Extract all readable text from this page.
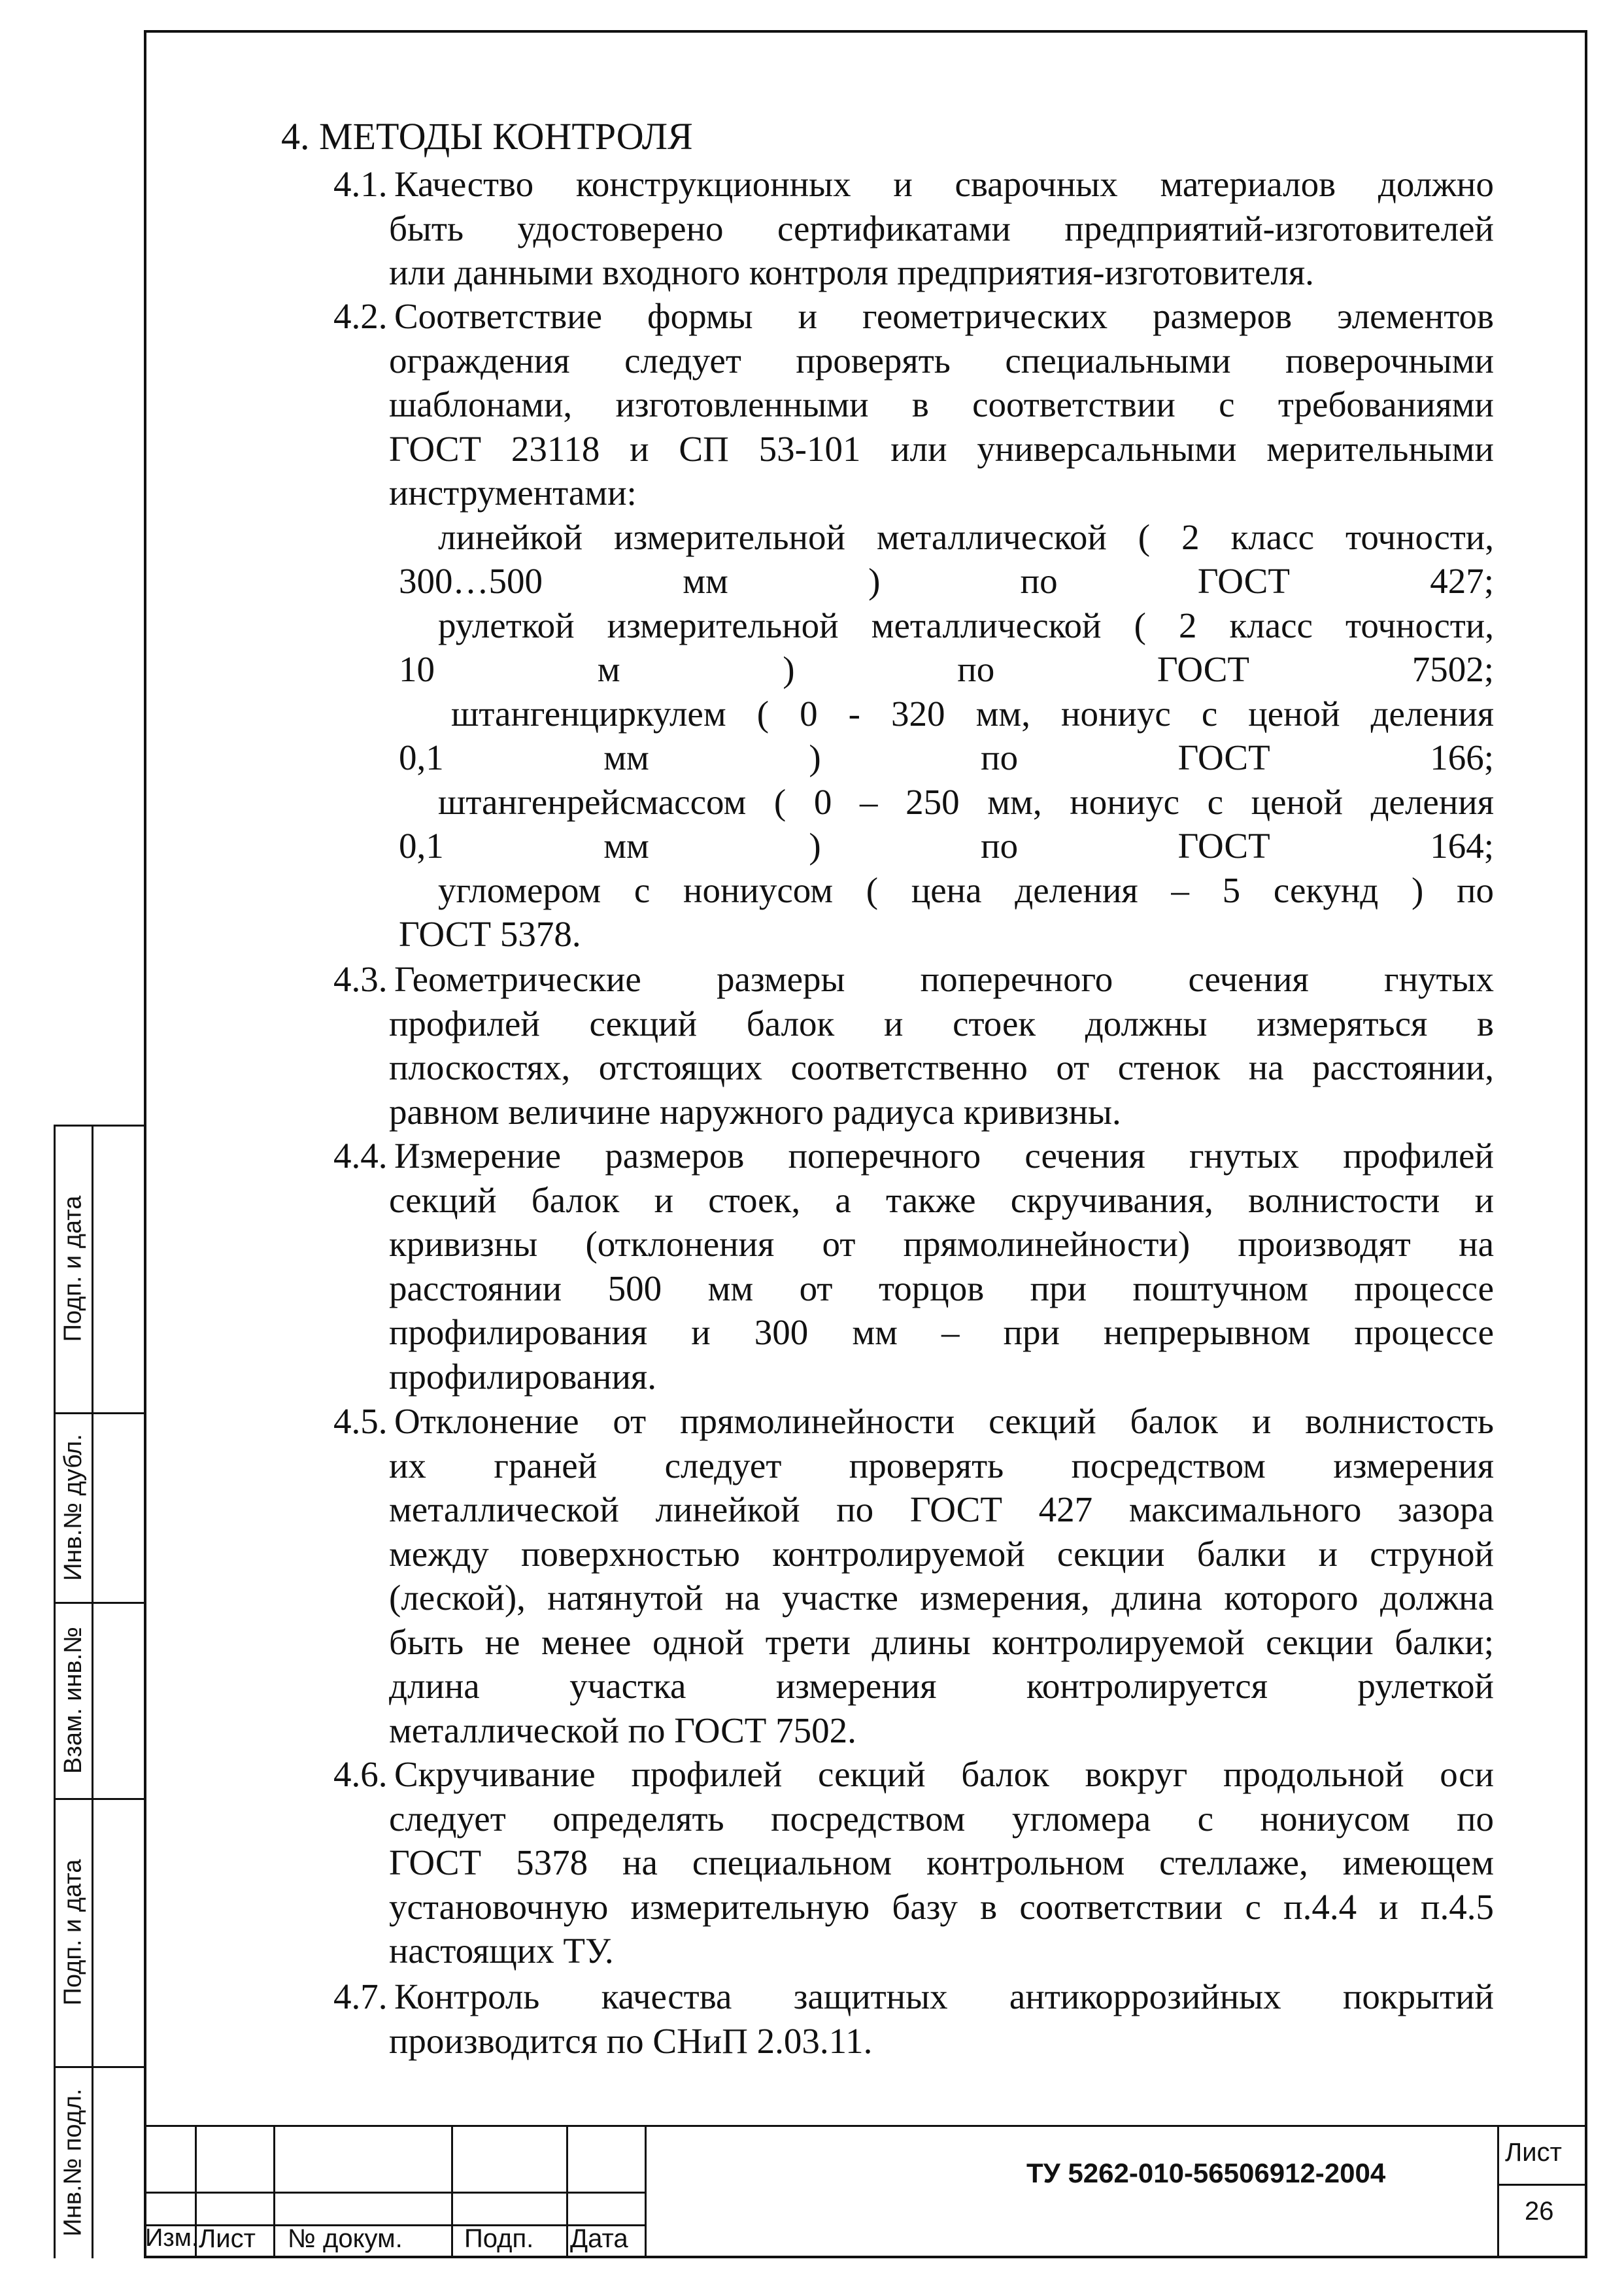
Подп. и дата
Инв.№ дубл.
Взам. инв.№
Подп. и дата
Инв.№ подл.
4. МЕТОДЫ КОНТРОЛЯ
4.1. Качество конструкционных и сварочных материалов должно
быть удостоверено сертификатами предприятий-изготовителей
или данными входного контроля предприятия-изготовителя.
4.2. Соответствие формы и геометрических размеров элементов
ограждения следует проверять специальными поверочными
шаблонами, изготовленными в соответствии с требованиями
ГОСТ 23118 и СП 53-101 или универсальными мерительными
инструментами:
линейкой измерительной металлической ( 2 класс точности,
300…500 мм ) по ГОСТ 427;
рулеткой измерительной металлической ( 2 класс точности,
10 м ) по ГОСТ 7502;
штангенциркулем ( 0 - 320 мм, нониус с ценой деления
0,1 мм ) по ГОСТ 166;
штангенрейсмассом ( 0 – 250 мм, нониус с ценой деления
0,1 мм ) по ГОСТ 164;
угломером с нониусом ( цена деления – 5 секунд ) по
ГОСТ 5378.
4.3. Геометрические размеры поперечного сечения гнутых
профилей секций балок и стоек должны измеряться в
плоскостях, отстоящих соответственно от стенок на расстоянии,
равном величине наружного радиуса кривизны.
4.4. Измерение размеров поперечного сечения гнутых профилей
секций балок и стоек, а также скручивания, волнистости и
кривизны (отклонения от прямолинейности) производят на
расстоянии 500 мм от торцов при поштучном процессе
профилирования и 300 мм – при непрерывном процессе
профилирования.
4.5. Отклонение от прямолинейности секций балок и волнистость
их граней следует проверять посредством измерения
металлической линейкой по ГОСТ 427 максимального зазора
между поверхностью контролируемой секции балки и струной
(леской), натянутой на участке измерения, длина которого должна
быть не менее одной трети длины контролируемой секции балки;
длина участка измерения контролируется рулеткой
металлической по ГОСТ 7502.
4.6. Скручивание профилей секций балок вокруг продольной оси
следует определять посредством угломера с нониусом по
ГОСТ 5378 на специальном контрольном стеллаже, имеющем
установочную измерительную базу в соответствии с п.4.4 и п.4.5
настоящих ТУ.
4.7. Контроль качества защитных антикоррозийных покрытий
производится по СНиП 2.03.11.
Изм. Лист № докум. Подп. Дата
ТУ 5262-010-56506912-2004
Лист
26
